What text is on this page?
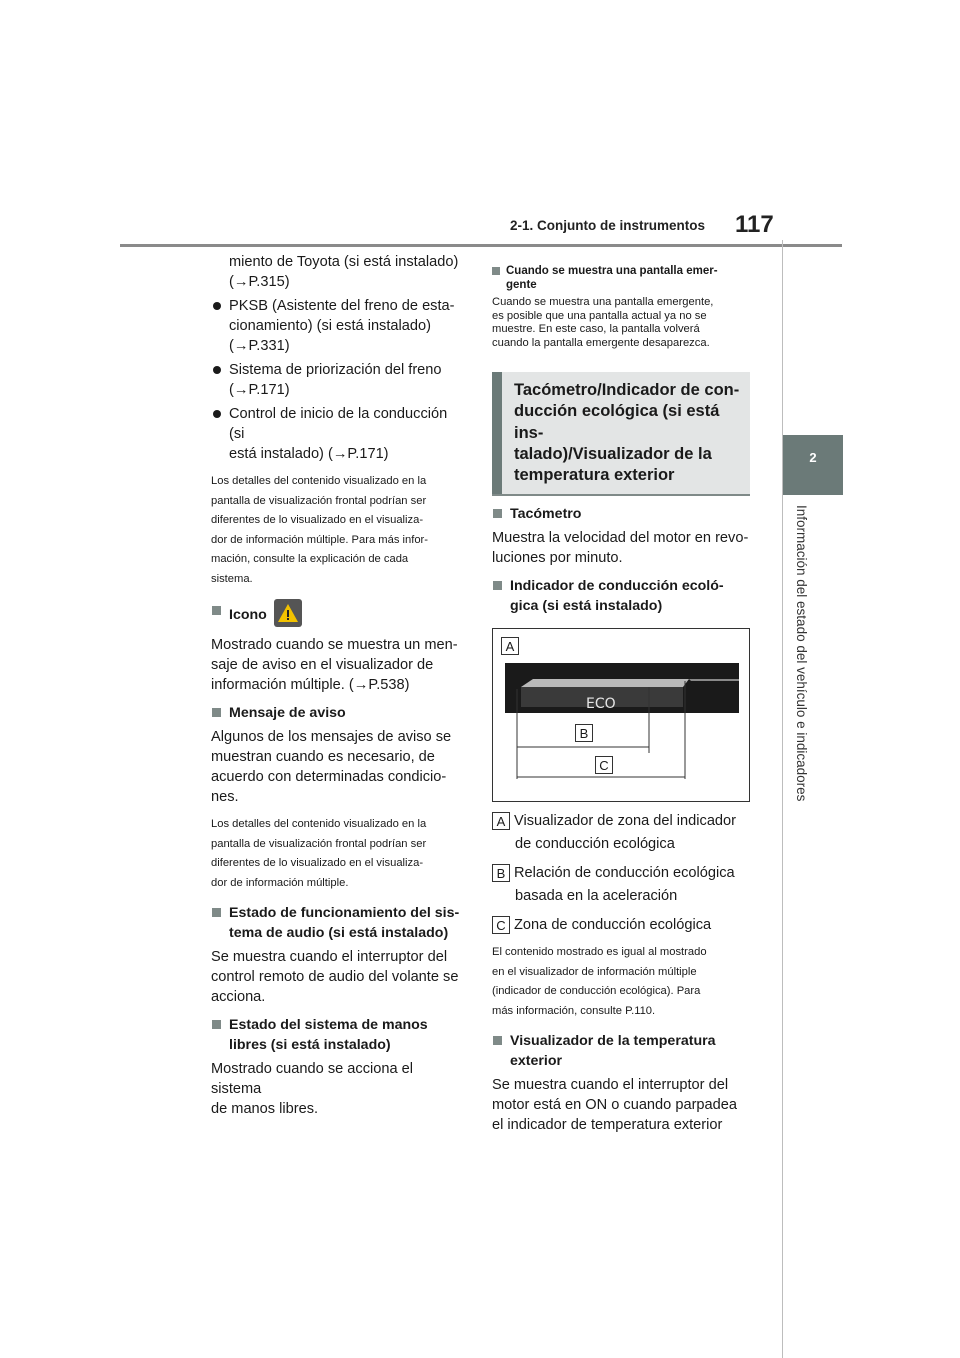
2-1. Conjunto de instrumentos 117
2
Información del estado del vehículo e indicadores
miento de Toyota (si está instalado)
(→P.315)
PKSB (Asistente del freno de esta-
cionamiento) (si está instalado)
(→P.331)
Sistema de priorización del freno
(→P.171)
Control de inicio de la conducción (si
está instalado) (→P.171)
Los detalles del contenido visualizado en la
pantalla de visualización frontal podrían ser
diferentes de lo visualizado en el visualiza-
dor de información múltiple. Para más infor-
mación, consulte la explicación de cada
sistema.
Icono
Mostrado cuando se muestra un men-
saje de aviso en el visualizador de
información múltiple. (→P.538)
Mensaje de aviso
Algunos de los mensajes de aviso se
muestran cuando es necesario, de
acuerdo con determinadas condicio-
nes.
Los detalles del contenido visualizado en la
pantalla de visualización frontal podrían ser
diferentes de lo visualizado en el visualiza-
dor de información múltiple.
Estado de funcionamiento del sis-
tema de audio (si está instalado)
Se muestra cuando el interruptor del
control remoto de audio del volante se
acciona.
Estado del sistema de manos
libres (si está instalado)
Mostrado cuando se acciona el sistema
de manos libres.
Cuando se muestra una pantalla emer-
gente
Cuando se muestra una pantalla emergente,
es posible que una pantalla actual ya no se
muestre. En este caso, la pantalla volverá
cuando la pantalla emergente desaparezca.
Tacómetro/Indicador de con-
ducción ecológica (si está ins-
talado)/Visualizador de la
temperatura exterior
Tacómetro
Muestra la velocidad del motor en revo-
luciones por minuto.
Indicador de conducción ecoló-
gica (si está instalado)
A
ECO
B
C
A Visualizador de zona del indicador
de conducción ecológica
B Relación de conducción ecológica
basada en la aceleración
C Zona de conducción ecológica
El contenido mostrado es igual al mostrado
en el visualizador de información múltiple
(indicador de conducción ecológica). Para
más información, consulte P.110.
Visualizador de la temperatura
exterior
Se muestra cuando el interruptor del
motor está en ON o cuando parpadea
el indicador de temperatura exterior
